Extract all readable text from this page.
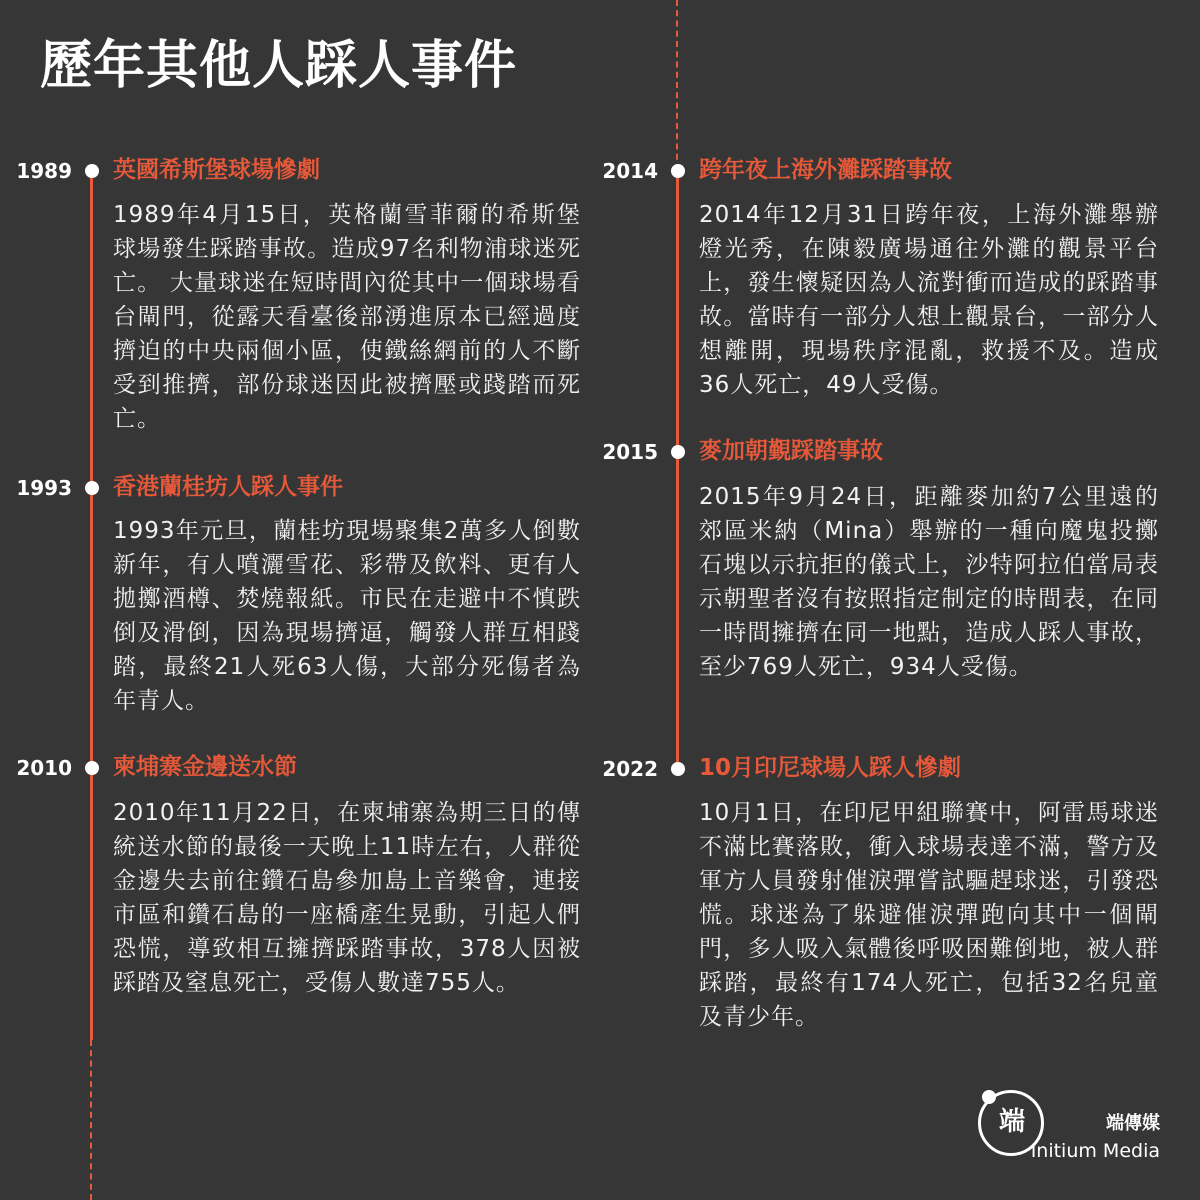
歷年其他人踩人事件
1989 英國希斯堡球場慘劇
1989年4月15日，英格蘭雪菲爾的希斯堡球場發生踩踏事故。造成97名利物浦球迷死亡。 大量球迷在短時間內從其中一個球場看台閘門，從露天看臺後部湧進原本已經過度擠迫的中央兩個小區，使鐵絲網前的人不斷受到推擠，部份球迷因此被擠壓或踐踏而死亡。
1993 香港蘭桂坊人踩人事件
1993年元旦，蘭桂坊現場聚集2萬多人倒數新年，有人噴灑雪花、彩帶及飲料、更有人拋擲酒樽、焚燒報紙。市民在走避中不慎跌倒及滑倒，因為現場擠逼，觸發人群互相踐踏，最終21人死63人傷，大部分死傷者為年青人。
2010 柬埔寨金邊送水節
2010年11月22日，在柬埔寨為期三日的傳統送水節的最後一天晚上11時左右，人群從金邊失去前往鑽石島參加島上音樂會，連接市區和鑽石島的一座橋產生晃動，引起人們恐慌，導致相互擁擠踩踏事故，378人因被踩踏及窒息死亡，受傷人數達755人。
2014 跨年夜上海外灘踩踏事故
2014年12月31日跨年夜，上海外灘舉辦燈光秀，在陳毅廣場通往外灘的觀景平台上，發生懷疑因為人流對衝而造成的踩踏事故。當時有一部分人想上觀景台，一部分人想離開，現場秩序混亂，救援不及。造成36人死亡，49人受傷。
2015 麥加朝覲踩踏事故
2015年9月24日，距離麥加約7公里遠的郊區米納（Mina）舉辦的一種向魔鬼投擲石塊以示抗拒的儀式上，沙特阿拉伯當局表示朝聖者沒有按照指定制定的時間表，在同一時間擁擠在同一地點，造成人踩人事故，至少769人死亡，934人受傷。
2022 10月印尼球場人踩人慘劇
10月1日，在印尼甲組聯賽中，阿雷馬球迷不滿比賽落敗，衝入球場表達不滿，警方及軍方人員發射催淚彈嘗試驅趕球迷，引發恐慌。球迷為了躲避催淚彈跑向其中一個閘門，多人吸入氣體後呼吸困難倒地，被人群踩踏，最終有174人死亡，包括32名兒童及青少年。
端	端傳媒
Initium Media
